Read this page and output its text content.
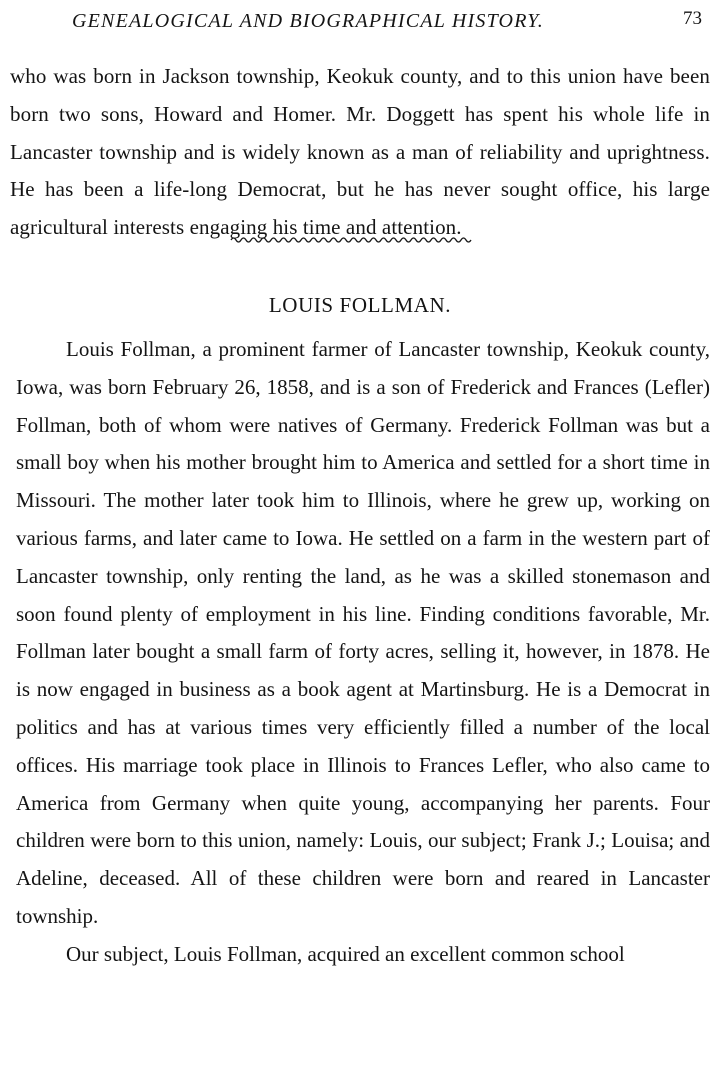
GENEALOGICAL AND BIOGRAPHICAL HISTORY.	73

who was born in Jackson township, Keokuk county, and to this union have been born two sons, Howard and Homer. Mr. Doggett has spent his whole life in Lancaster township and is widely known as a man of reliability and uprightness. He has been a life-long Democrat, but he has never sought office, his large agricultural interests engaging his time and attention.

LOUIS FOLLMAN.

Louis Follman, a prominent farmer of Lancaster township, Keokuk county, Iowa, was born February 26, 1858, and is a son of Frederick and Frances (Lefler) Follman, both of whom were natives of Germany. Frederick Follman was but a small boy when his mother brought him to America and settled for a short time in Missouri. The mother later took him to Illinois, where he grew up, working on various farms, and later came to Iowa. He settled on a farm in the western part of Lancaster township, only renting the land, as he was a skilled stonemason and soon found plenty of employment in his line. Finding conditions favorable, Mr. Follman later bought a small farm of forty acres, selling it, however, in 1878. He is now engaged in business as a book agent at Martinsburg. He is a Democrat in politics and has at various times very efficiently filled a number of the local offices. His marriage took place in Illinois to Frances Lefler, who also came to America from Germany when quite young, accompanying her parents. Four children were born to this union, namely: Louis, our subject; Frank J.; Louisa; and Adeline, deceased. All of these children were born and reared in Lancaster township.

Our subject, Louis Follman, acquired an excellent common school
